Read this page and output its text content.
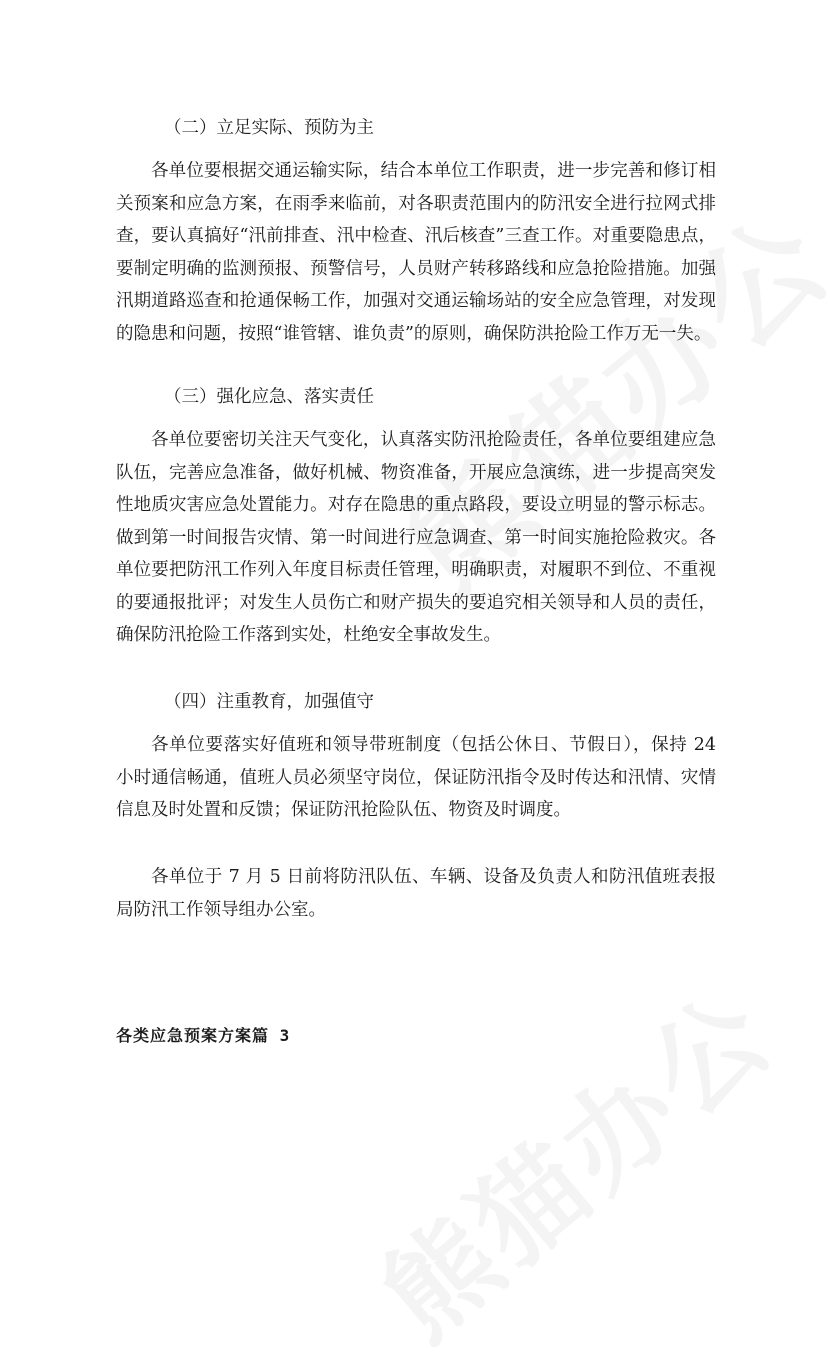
（二）立足实际、预防为主

各单位要根据交通运输实际，结合本单位工作职责，进一步完善和修订相关预案和应急方案，在雨季来临前，对各职责范围内的防汛安全进行拉网式排查，要认真搞好“汛前排查、汛中检查、汛后核查”三查工作。对重要隐患点，要制定明确的监测预报、预警信号，人员财产转移路线和应急抢险措施。加强汛期道路巡查和抢通保畅工作，加强对交通运输场站的安全应急管理，对发现的隐患和问题，按照“谁管辖、谁负责”的原则，确保防洪抢险工作万无一失。

（三）强化应急、落实责任

各单位要密切关注天气变化，认真落实防汛抢险责任，各单位要组建应急队伍，完善应急准备，做好机械、物资准备，开展应急演练，进一步提高突发性地质灾害应急处置能力。对存在隐患的重点路段，要设立明显的警示标志。做到第一时间报告灾情、第一时间进行应急调查、第一时间实施抢险救灾。各单位要把防汛工作列入年度目标责任管理，明确职责，对履职不到位、不重视的要通报批评；对发生人员伤亡和财产损失的要追究相关领导和人员的责任，确保防汛抢险工作落到实处，杜绝安全事故发生。

（四）注重教育，加强值守

各单位要落实好值班和领导带班制度（包括公休日、节假日），保持 24 小时通信畅通，值班人员必须坚守岗位，保证防汛指令及时传达和汛情、灾情信息及时处置和反馈；保证防汛抢险队伍、物资及时调度。

各单位于 7 月 5 日前将防汛队伍、车辆、设备及负责人和防汛值班表报局防汛工作领导组办公室。

各类应急预案方案篇 3
